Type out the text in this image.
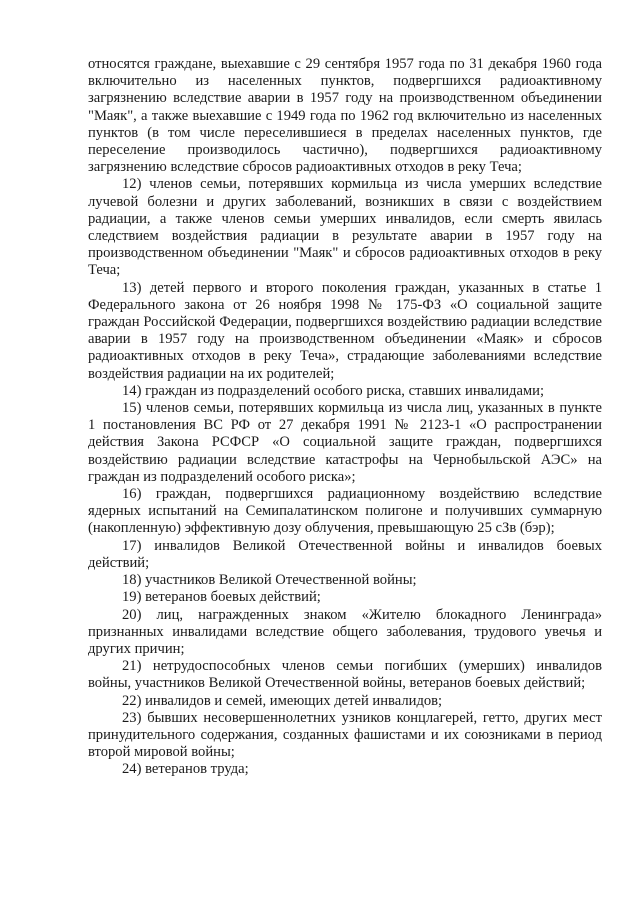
относятся граждане, выехавшие с 29 сентября 1957 года по 31 декабря 1960 года включительно из населенных пунктов, подвергшихся радиоактивному загрязнению вследствие аварии в 1957 году на производственном объединении "Маяк", а также выехавшие с 1949 года по 1962 год включительно из населенных пунктов (в том числе переселившиеся в пределах населенных пунктов, где переселение производилось частично), подвергшихся радиоактивному загрязнению вследствие сбросов радиоактивных отходов в реку Теча;

12) членов семьи, потерявших кормильца из числа умерших вследствие лучевой болезни и других заболеваний, возникших в связи с воздействием радиации, а также членов семьи умерших инвалидов, если смерть явилась следствием воздействия радиации в результате аварии в 1957 году на производственном объединении "Маяк" и сбросов радиоактивных отходов в реку Теча;

13) детей первого и второго поколения граждан, указанных в статье 1 Федерального закона от 26 ноября 1998 № 175-ФЗ «О социальной защите граждан Российской Федерации, подвергшихся воздействию радиации вследствие аварии в 1957 году на производственном объединении «Маяк» и сбросов радиоактивных отходов в реку Теча», страдающие заболеваниями вследствие воздействия радиации на их родителей;

14) граждан из подразделений особого риска, ставших инвалидами;

15) членов семьи, потерявших кормильца из числа лиц, указанных в пункте 1 постановления ВС РФ от 27 декабря 1991 № 2123-1 «О распространении действия Закона РСФСР «О социальной защите граждан, подвергшихся воздействию радиации вследствие катастрофы на Чернобыльской АЭС» на граждан из подразделений особого риска»;

16) граждан, подвергшихся радиационному воздействию вследствие ядерных испытаний на Семипалатинском полигоне и получивших суммарную (накопленную) эффективную дозу облучения, превышающую 25 сЗв (бэр);

17) инвалидов Великой Отечественной войны и инвалидов боевых действий;

18) участников Великой Отечественной войны;

19) ветеранов боевых действий;

20) лиц, награжденных знаком «Жителю блокадного Ленинграда» признанных инвалидами вследствие общего заболевания, трудового увечья и других причин;

21) нетрудоспособных членов семьи погибших (умерших) инвалидов войны, участников Великой Отечественной войны, ветеранов боевых действий;

22) инвалидов и семей, имеющих детей инвалидов;

23) бывших несовершеннолетних узников концлагерей, гетто, других мест принудительного содержания, созданных фашистами и их союзниками в период второй мировой войны;

24) ветеранов труда;
